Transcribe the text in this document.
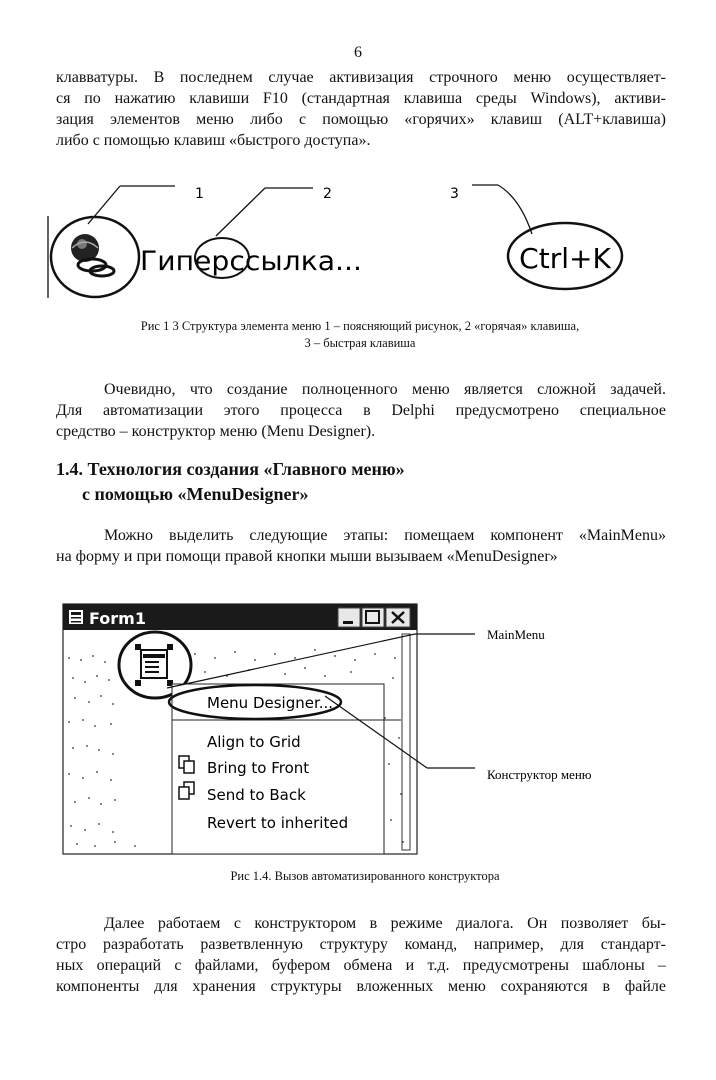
6
клавватуры. В последнем случае активизация строчного меню осуществляет-
ся по нажатию клавиши F10 (стандартная клавиша среды Windows), активи-
зация элементов меню либо с помощью «горячих» клавиш (ALT+клавиша)
либо с помощью клавиш «быстрого доступа».
1	2	3
Гиперссылка...	Ctrl+K
Рис 1 3 Структура элемента меню 1 – поясняющий рисунок, 2 «горячая» клавиша,
3 – быстрая клавиша
Очевидно, что создание полноценного меню является сложной задачей.
Для автоматизации этого процесса в Delphi предусмотрено специальное
средство – конструктор меню (Menu Designer).
1.4. Технология создания «Главного меню»
с помощью «MenuDesigner»
Можно выделить следующие этапы: помещаем компонент «MainMenu»
на форму и при помощи правой кнопки мыши вызываем «MenuDesigner»
Form1
Menu Designer...
Align to Grid
Bring to Front
Send to Back
Revert to inherited
MainMenu
Конструктор меню
Рис 1.4. Вызов автоматизированного конструктора
Далее работаем с конструктором в режиме диалога. Он позволяет бы-
стро разработать разветвленную структуру команд, например, для стандарт-
ных операций с файлами, буфером обмена и т.д. предусмотрены шаблоны –
компоненты для хранения структуры вложенных меню сохраняются в файле
